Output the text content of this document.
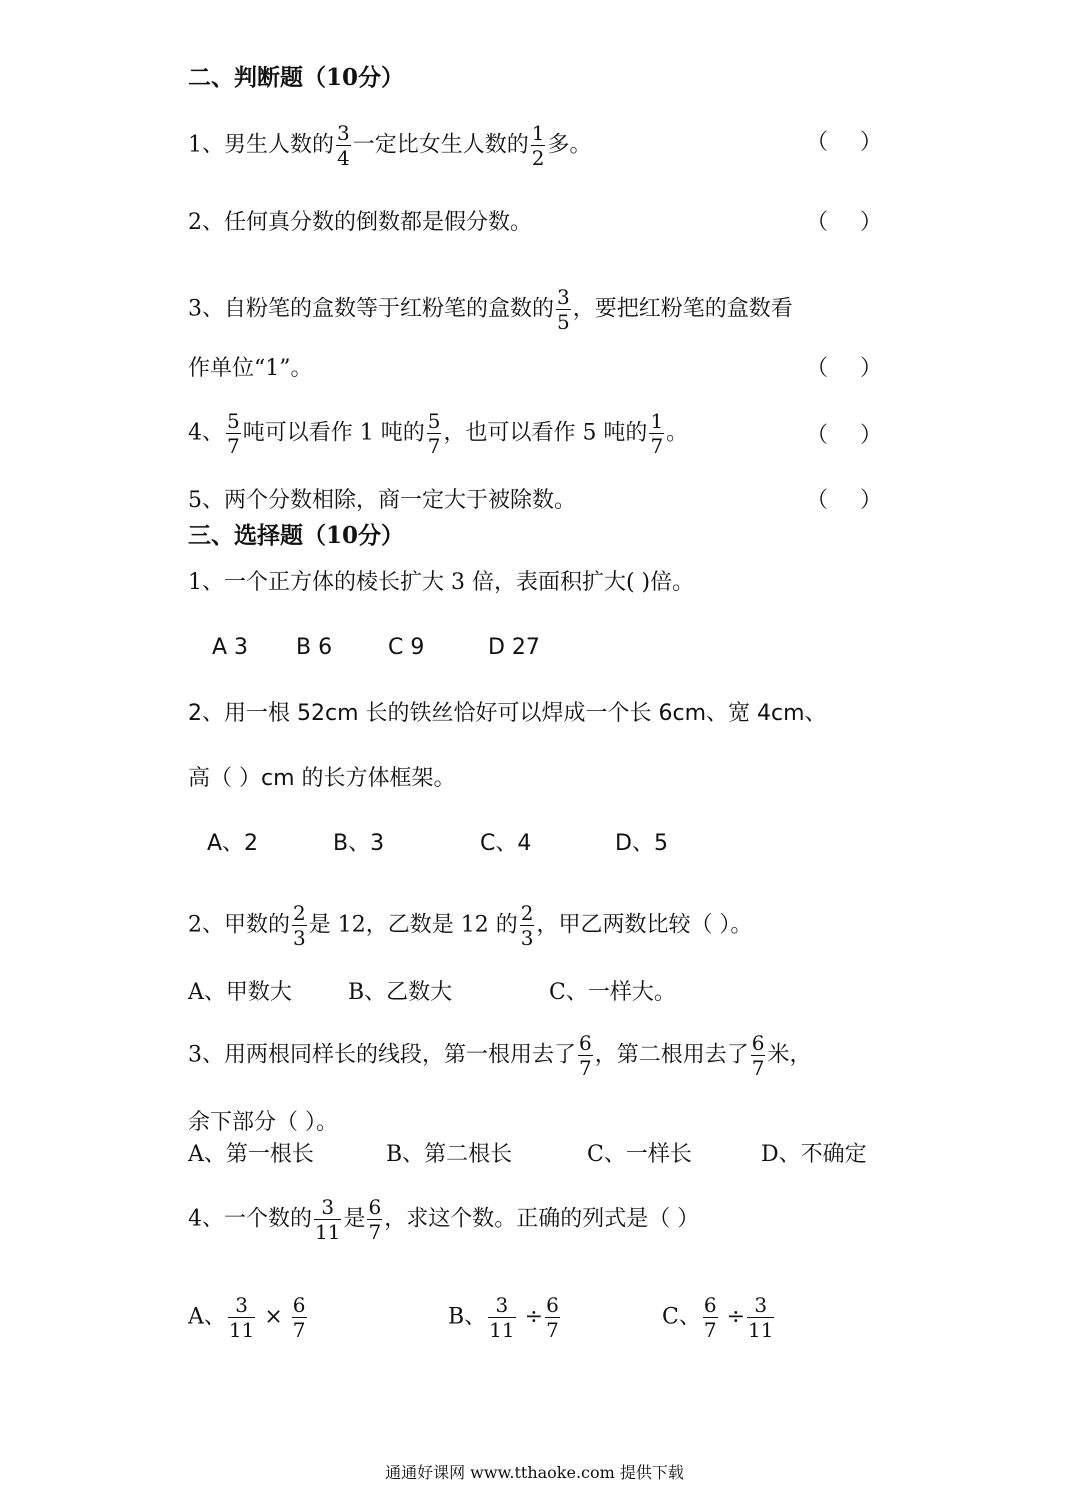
二、判断题（10分）
1、男生人数的 $\frac{3}{4}$ 一定比女生人数的 $\frac{1}{2}$ 多。	（ ）
2、任何真分数的倒数都是假分数。	（ ）
3、自粉笔的盒数等于红粉笔的盒数的 $\frac{3}{5}$ ，要把红粉笔的盒数看
作单位“1”。	（ ）
4、 $\frac{5}{7}$ 吨可以看作 1 吨的 $\frac{5}{7}$ ，也可以看作 5 吨的 $\frac{1}{7}$ 。	（ ）
5、两个分数相除，商一定大于被除数。	（ ）
三、选择题（10分）
1、一个正方体的棱长扩大 3 倍，表面积扩大( )倍。
A 3 B 6	C 9	D 27
2、用一根 52cm 长的铁丝恰好可以焊成一个长 6cm、宽 4cm、
高（ ）cm 的长方体框架。
A、2	B、3	C、4	D、5
2、甲数的 $\frac{2}{3}$ 是 12，乙数是 12 的 $\frac{2}{3}$ ，甲乙两数比较（ ）。
A、甲数大	B、乙数大	C、一样大。
3、用两根同样长的线段，第一根用去了 $\frac{6}{7}$ ，第二根用去了 $\frac{6}{7}$ 米，
余下部分（ ）。
A、第一根长	B、第二根长	C、一样长	D、不确定
4、一个数的 $\frac{3}{11}$ 是 $\frac{6}{7}$ ，求这个数。正确的列式是（ ）
A、 $\frac{3}{11} \times \frac{6}{7}$	B、 $\frac{3}{11} \div \frac{6}{7}$	C、 $\frac{6}{7} \div \frac{3}{11}$
通通好课网 www.tthaoke.com 提供下载
